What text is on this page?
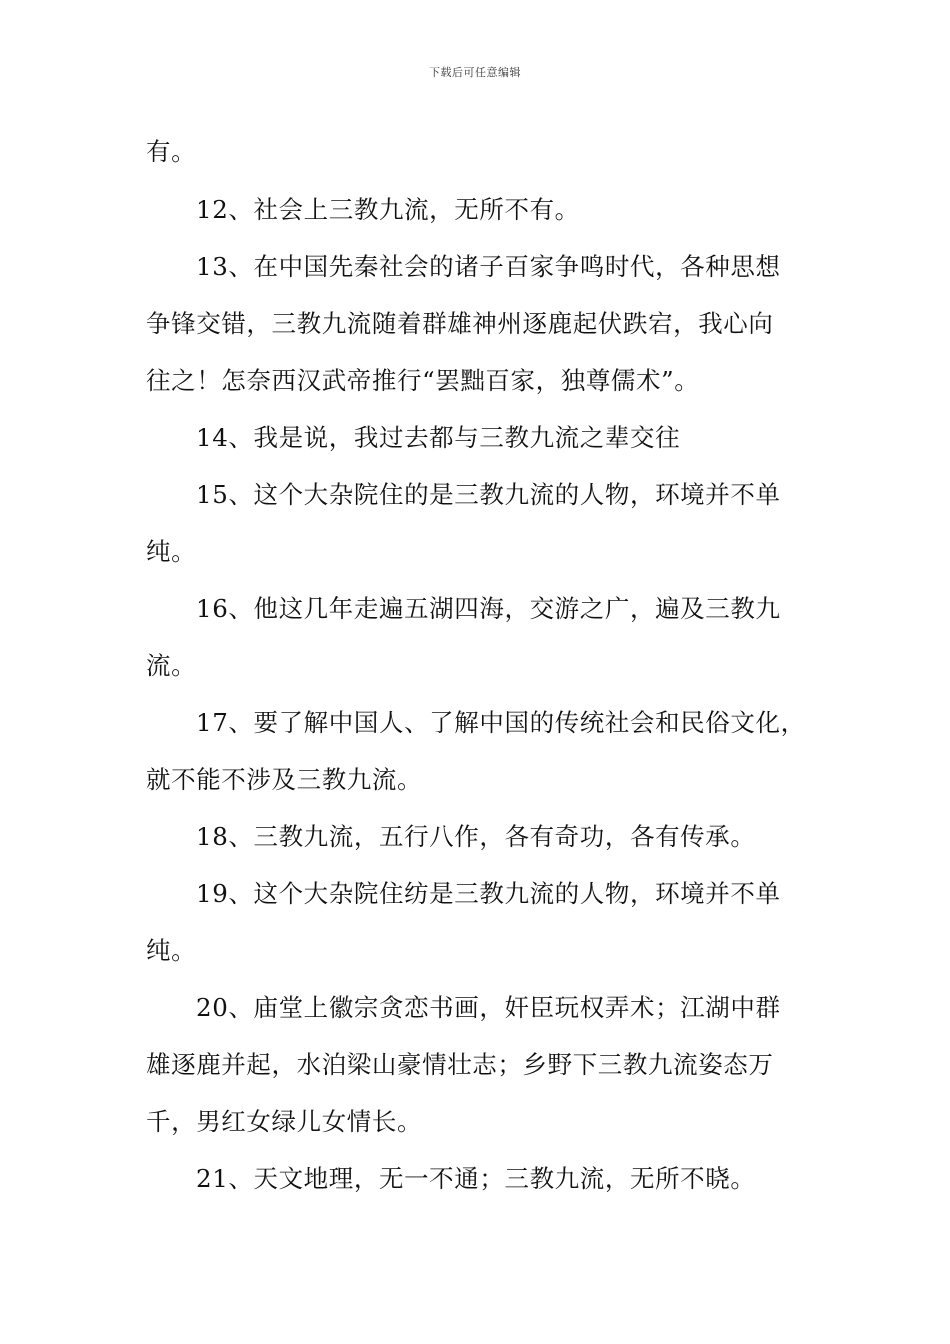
下载后可任意编辑
有。
12、社会上三教九流，无所不有。
13、在中国先秦社会的诸子百家争鸣时代，各种思想
争锋交错，三教九流随着群雄神州逐鹿起伏跌宕，我心向
往之！怎奈西汉武帝推行“罢黜百家，独尊儒术”。
14、我是说，我过去都与三教九流之辈交往
15、这个大杂院住的是三教九流的人物，环境并不单
纯。
16、他这几年走遍五湖四海，交游之广，遍及三教九
流。
17、要了解中国人、了解中国的传统社会和民俗文化，
就不能不涉及三教九流。
18、三教九流，五行八作，各有奇功，各有传承。
19、这个大杂院住纺是三教九流的人物，环境并不单
纯。
20、庙堂上徽宗贪恋书画，奸臣玩权弄术；江湖中群
雄逐鹿并起，水泊梁山豪情壮志；乡野下三教九流姿态万
千，男红女绿儿女情长。
21、天文地理，无一不通；三教九流，无所不晓。
